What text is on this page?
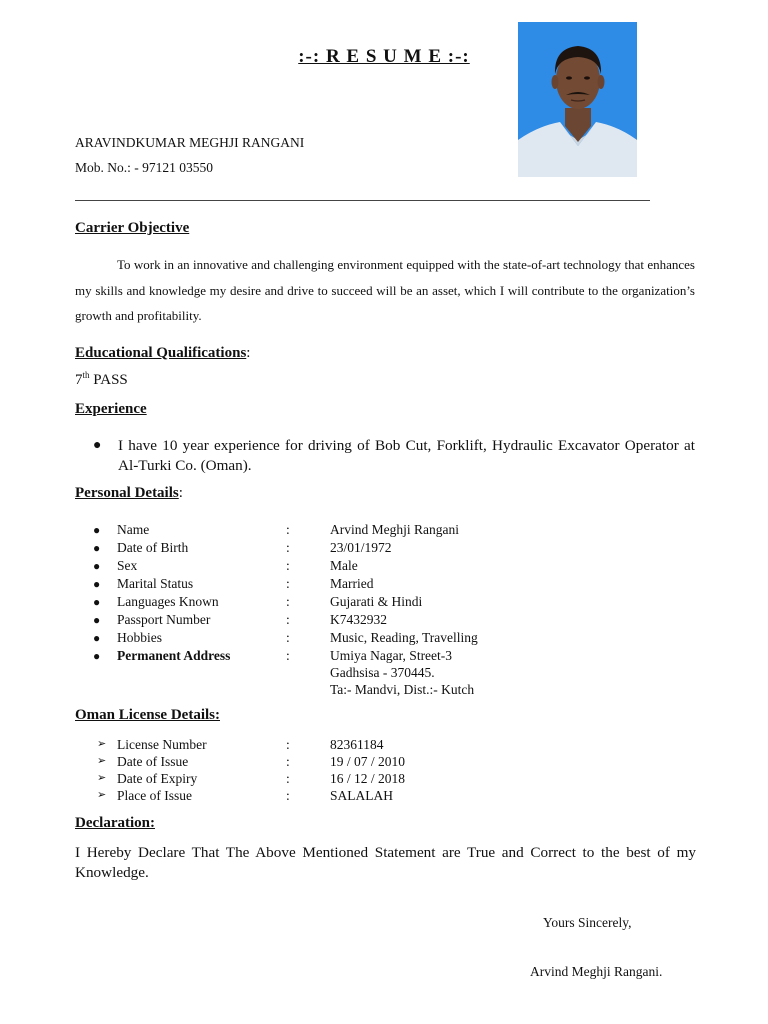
:-: R E S U M E :-:
ARAVINDKUMAR MEGHJI RANGANI
Mob. No.: - 97121 03550
Carrier Objective
To work in an innovative and challenging environment equipped with the state-of-art technology that enhances my skills and knowledge my desire and drive to succeed will be an asset, which I will contribute to the organization’s growth and profitability.
Educational Qualifications:
7th PASS
Experience
● I have 10 year experience for driving of Bob Cut, Forklift, Hydraulic Excavator Operator at Al-Turki Co. (Oman).
Personal Details:
● Name	:	Arvind Meghji Rangani
● Date of Birth	:	23/01/1972
● Sex	:	Male
● Marital Status	:	Married
● Languages Known	:	Gujarati & Hindi
● Passport Number	:	K7432932
● Hobbies	:	Music, Reading, Travelling
● Permanent Address	:	Umiya Nagar, Street-3
Gadhsisa - 370445.
Ta:- Mandvi, Dist.:- Kutch
Oman License Details:
➢ License Number	:	82361184
➢ Date of Issue	:	19 / 07 / 2010
➢ Date of Expiry	:	16 / 12 / 2018
➢ Place of Issue	:	SALALAH
Declaration:
I Hereby Declare That The Above Mentioned Statement are True and Correct to the best of my Knowledge.
Yours Sincerely,
Arvind Meghji Rangani.
